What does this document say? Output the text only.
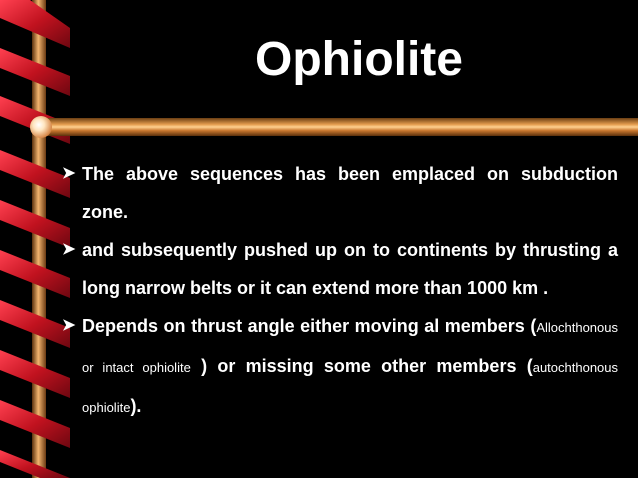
Ophiolite
➤ The above sequences has been emplaced on subduction zone.
➤ and subsequently pushed up on to continents by thrusting a long narrow belts or it can extend more than 1000 km .
➤ Depends on thrust angle either moving al members (Allochthonous or intact ophiolite ) or missing some other members (autochthonous ophiolite).
